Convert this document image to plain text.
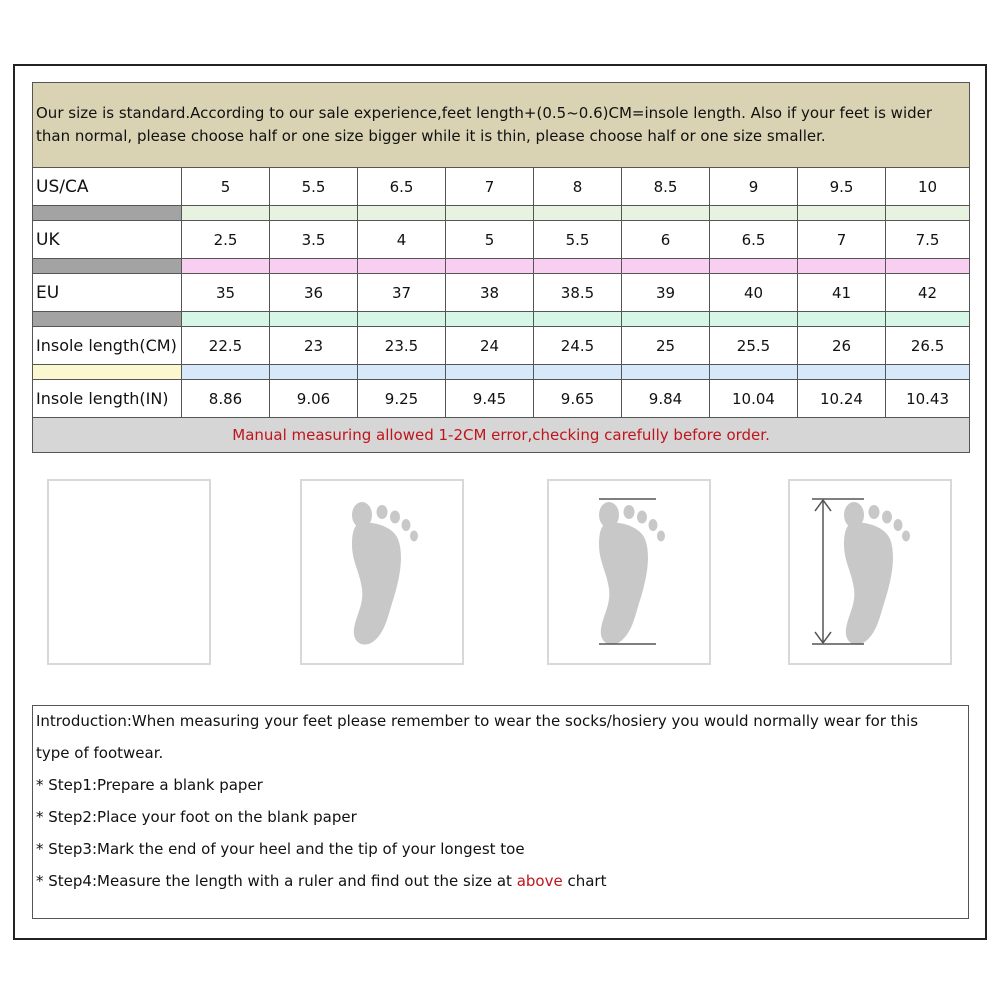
Our size is standard.According to our sale experience,feet length+(0.5~0.6)CM=insole length. Also if your feet is wider than normal, please choose half or one size bigger while it is thin, please choose half or one size smaller.									
US/CA	5	5.5	6.5	7	8	8.5	9	9.5	10

UK	2.5	3.5	4	5	5.5	6	6.5	7	7.5

EU	35	36	37	38	38.5	39	40	41	42

Insole length(CM)	22.5	23	23.5	24	24.5	25	25.5	26	26.5

Insole length(IN)	8.86	9.06	9.25	9.45	9.65	9.84	10.04	10.24	10.43
Manual measuring allowed 1-2CM error,checking carefully before order.									
Introduction:When measuring your feet please remember to wear the socks/hosiery you would normally wear for this
type of footwear.
* Step1:Prepare a blank paper
* Step2:Place your foot on the blank paper
* Step3:Mark the end of your heel and the tip of your longest toe
* Step4:Measure the length with a ruler and find out the size at above chart
